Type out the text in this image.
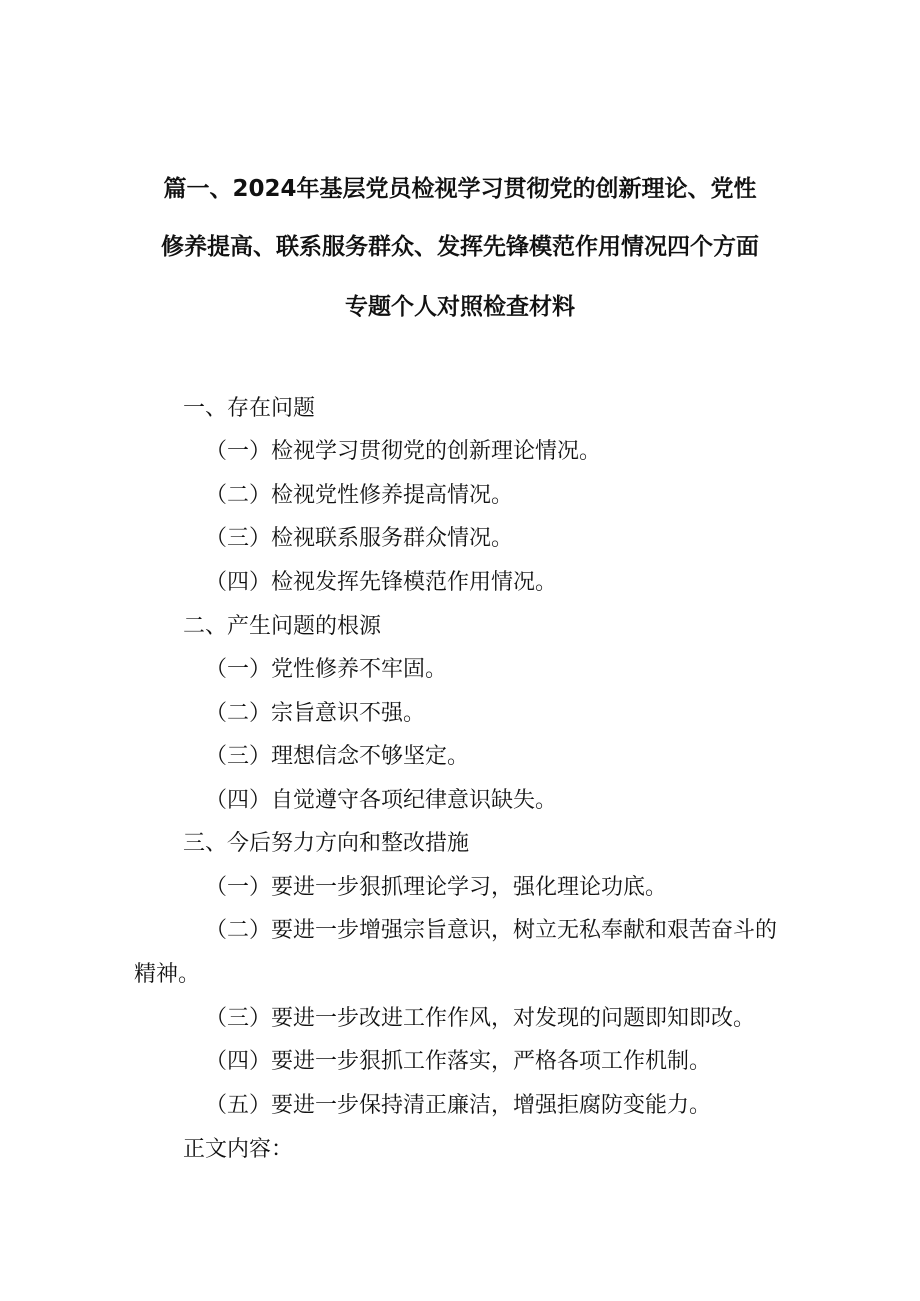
篇一、2024年基层党员检视学习贯彻党的创新理论、党性
修养提高、联系服务群众、发挥先锋模范作用情况四个方面
专题个人对照检查材料
一、存在问题
（一）检视学习贯彻党的创新理论情况。
（二）检视党性修养提高情况。
（三）检视联系服务群众情况。
（四）检视发挥先锋模范作用情况。
二、产生问题的根源
（一）党性修养不牢固。
（二）宗旨意识不强。
（三）理想信念不够坚定。
（四）自觉遵守各项纪律意识缺失。
三、今后努力方向和整改措施
（一）要进一步狠抓理论学习，强化理论功底。
（二）要进一步增强宗旨意识，树立无私奉献和艰苦奋斗的
精神。
（三）要进一步改进工作作风，对发现的问题即知即改。
（四）要进一步狠抓工作落实，严格各项工作机制。
（五）要进一步保持清正廉洁，增强拒腐防变能力。
正文内容：
